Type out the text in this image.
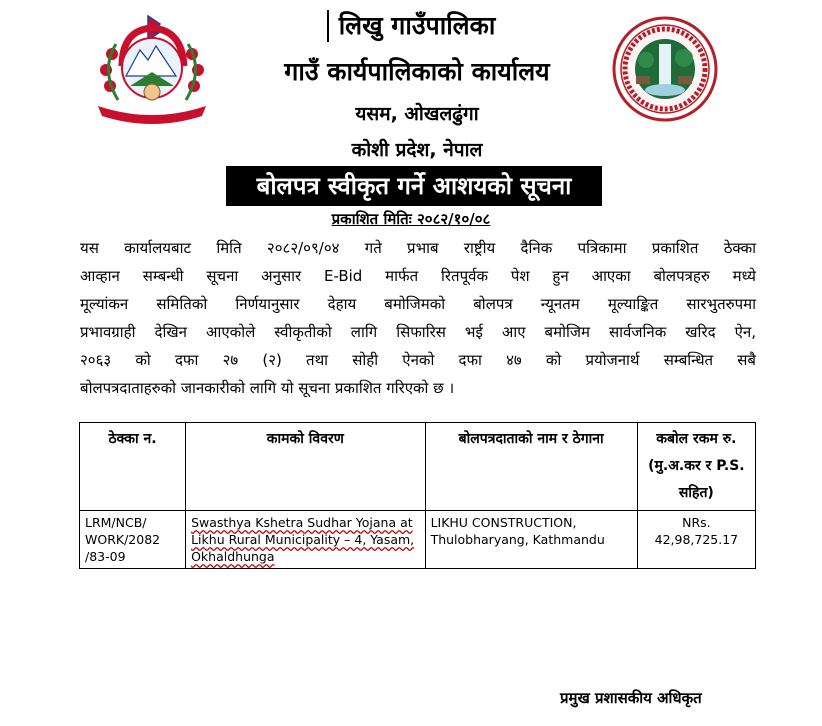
लिखु गाउँपालिका
गाउँ कार्यपालिकाको कार्यालय
यसम, ओखलढुंगा
कोशी प्रदेश, नेपाल
बोलपत्र स्वीकृत गर्ने आशयको सूचना
प्रकाशित मितिः २०८२/१०/०८
यस कार्यालयबाट मिति २०८२/०९/०४ गते प्रभाब राष्ट्रीय दैनिक पत्रिकामा प्रकाशित ठेक्का
आव्हान सम्बन्धी सूचना अनुसार E-Bid मार्फत रितपूर्वक पेश हुन आएका बोलपत्रहरु मध्ये
मूल्यांकन समितिको निर्णयानुसार देहाय बमोजिमको बोलपत्र न्यूनतम मूल्याङ्कित सारभुतरुपमा
प्रभावग्राही देखिन आएकोले स्वीकृतीको लागि सिफारिस भई आए बमोजिम सार्वजनिक खरिद ऐन,
२०६३ को दफा २७ (२) तथा सोही ऐनको दफा ४७ को प्रयोजनार्थ सम्बन्धित सबै
बोलपत्रदाताहरुको जानकारीको लागि यो सूचना प्रकाशित गरिएको छ ।
ठेक्का न.	कामको विवरण	बोलपत्रदाताको नाम र ठेगाना	कबोल रकम रु. (मु.अ.कर र P.S. सहित)
LRM/NCB/ WORK/2082 /83-09	Swasthya Kshetra Sudhar Yojana at Likhu Rural Municipality – 4, Yasam, Okhaldhunga	LIKHU CONSTRUCTION, Thulobharyang, Kathmandu	NRs. 42,98,725.17
प्रमुख प्रशासकीय अधिकृत
